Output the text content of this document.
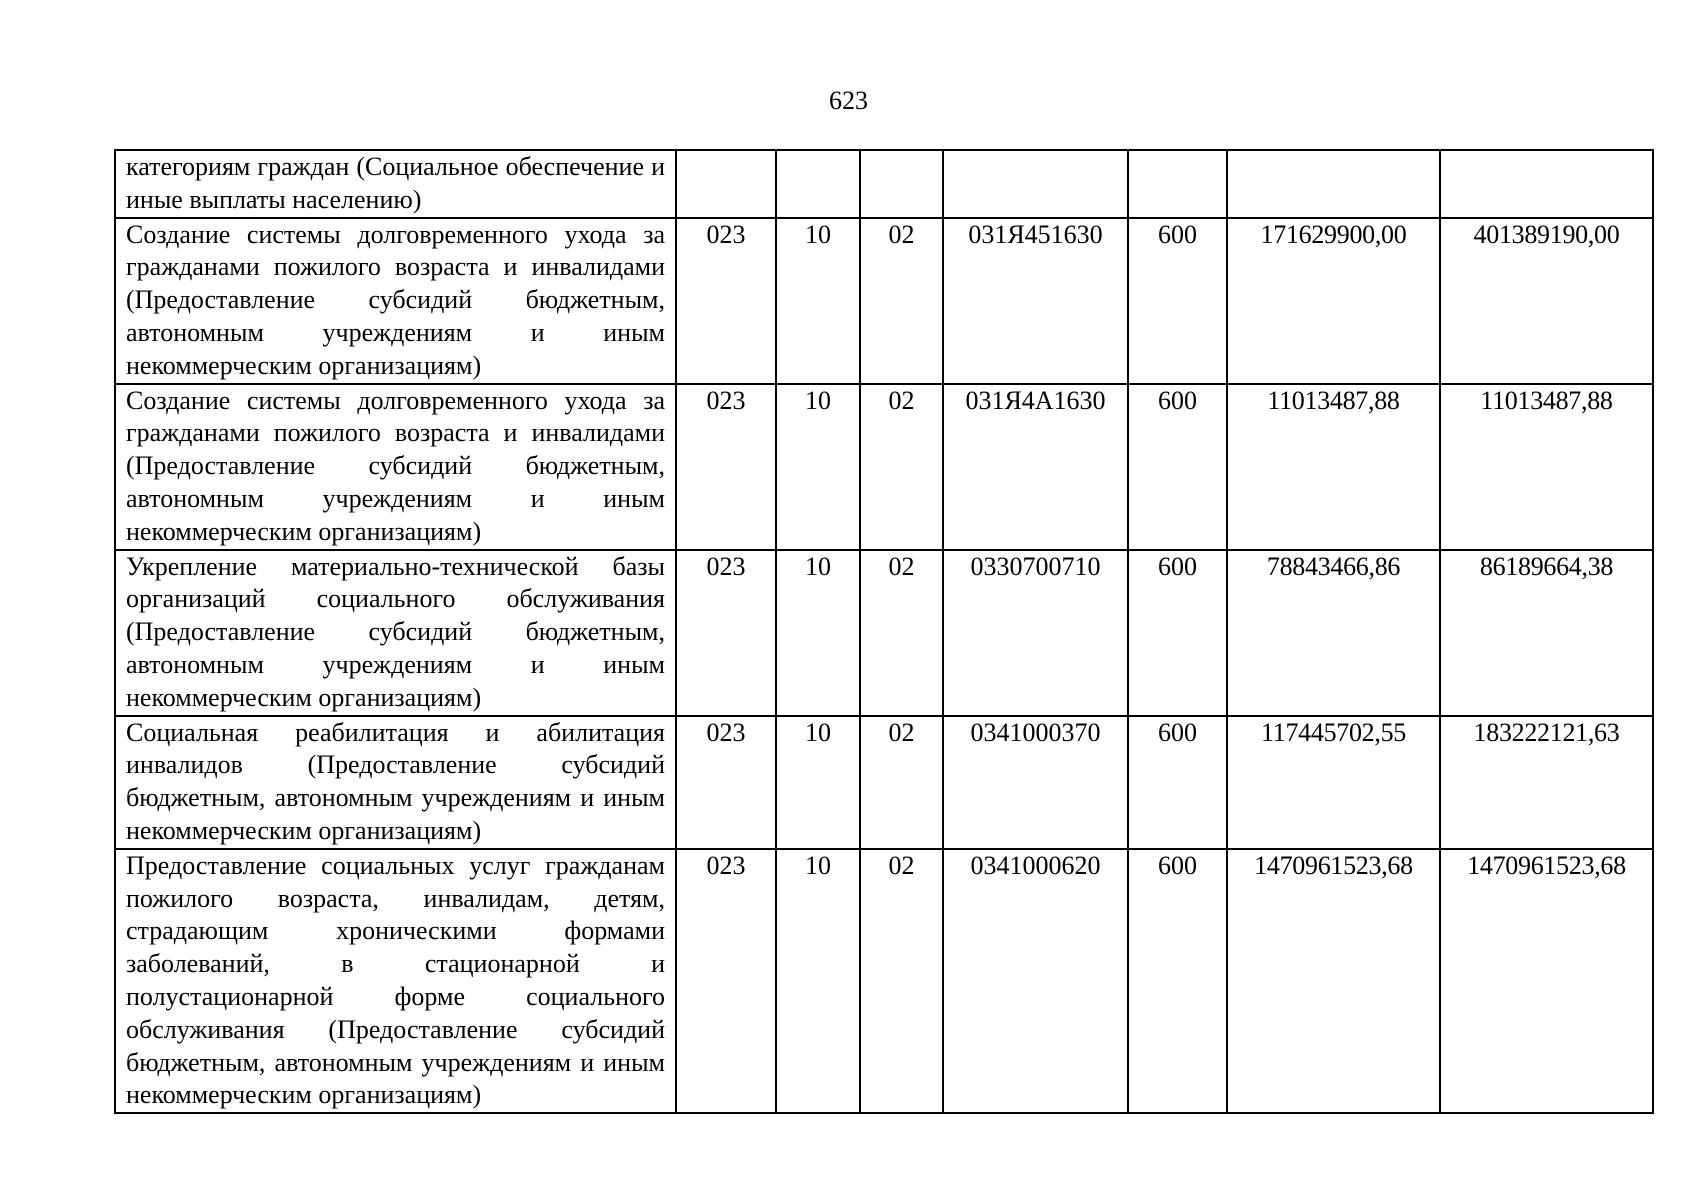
623
категориям граждан (Социальное обеспечение и иные выплаты населению)							
Создание системы долговременного ухода за гражданами пожилого возраста и инвалидами (Предоставление субсидий бюджетным, автономным учреждениям и иным некоммерческим организациям)	023	10	02	031Я451630	600	171629900,00	401389190,00
Создание системы долговременного ухода за гражданами пожилого возраста и инвалидами (Предоставление субсидий бюджетным, автономным учреждениям и иным некоммерческим организациям)	023	10	02	031Я4А1630	600	11013487,88	11013487,88
Укрепление материально-технической базы организаций социального обслуживания (Предоставление субсидий бюджетным, автономным учреждениям и иным некоммерческим организациям)	023	10	02	0330700710	600	78843466,86	86189664,38
Социальная реабилитация и абилитация инвалидов (Предоставление субсидий бюджетным, автономным учреждениям и иным некоммерческим организациям)	023	10	02	0341000370	600	117445702,55	183222121,63
Предоставление социальных услуг гражданам пожилого возраста, инвалидам, детям, страдающим хроническими формами заболеваний, в стационарной и полустационарной форме социального обслуживания (Предоставление субсидий бюджетным, автономным учреждениям и иным некоммерческим организациям)	023	10	02	0341000620	600	1470961523,68	1470961523,68
